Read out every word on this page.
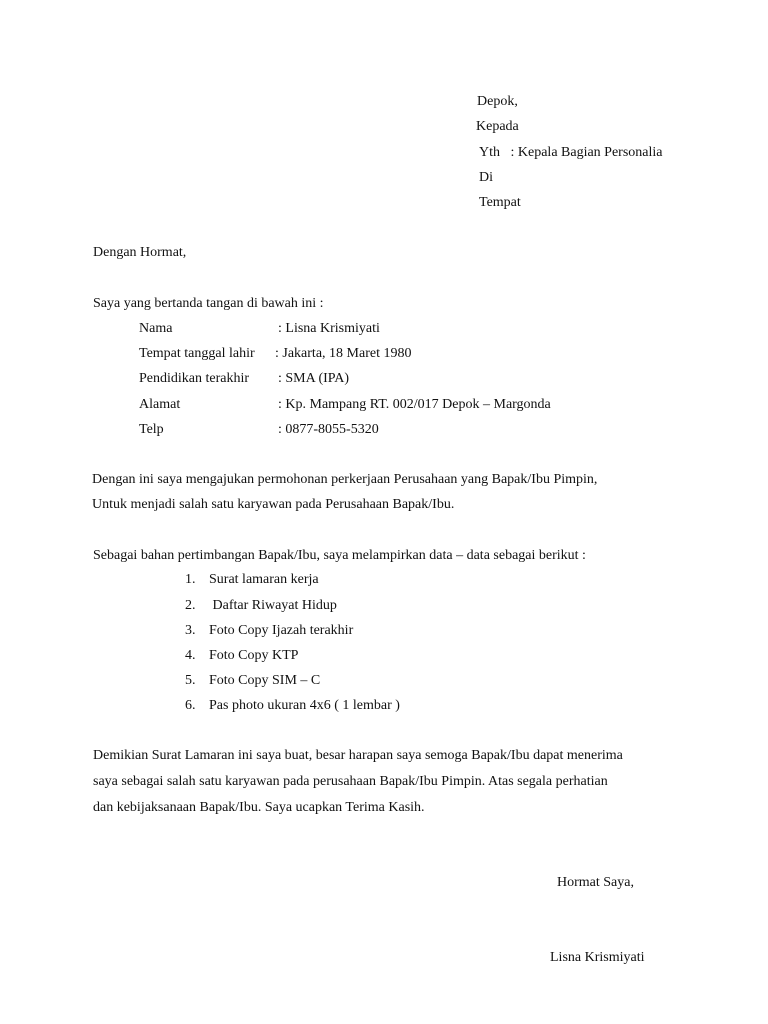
Depok,
Kepada
Yth   : Kepala Bagian Personalia
Di
Tempat
Dengan Hormat,
Saya yang bertanda tangan di bawah ini :
Nama	: Lisna Krismiyati
Tempat tanggal lahir : Jakarta, 18 Maret 1980
Pendidikan terakhir : SMA (IPA)
Alamat	: Kp. Mampang RT. 002/017 Depok – Margonda
Telp	: 0877-8055-5320
Dengan ini saya mengajukan permohonan perkerjaan Perusahaan yang Bapak/Ibu Pimpin,
Untuk menjadi salah satu karyawan pada Perusahaan Bapak/Ibu.
Sebagai bahan pertimbangan Bapak/Ibu, saya melampirkan data – data sebagai berikut :
1. Surat lamaran kerja
2. Daftar Riwayat Hidup
3. Foto Copy Ijazah terakhir
4. Foto Copy KTP
5. Foto Copy SIM – C
6. Pas photo ukuran 4x6 ( 1 lembar )
Demikian Surat Lamaran ini saya buat, besar harapan saya semoga Bapak/Ibu dapat menerima
saya sebagai salah satu karyawan pada perusahaan Bapak/Ibu Pimpin. Atas segala perhatian
dan kebijaksanaan Bapak/Ibu. Saya ucapkan Terima Kasih.
Hormat Saya,
Lisna Krismiyati
